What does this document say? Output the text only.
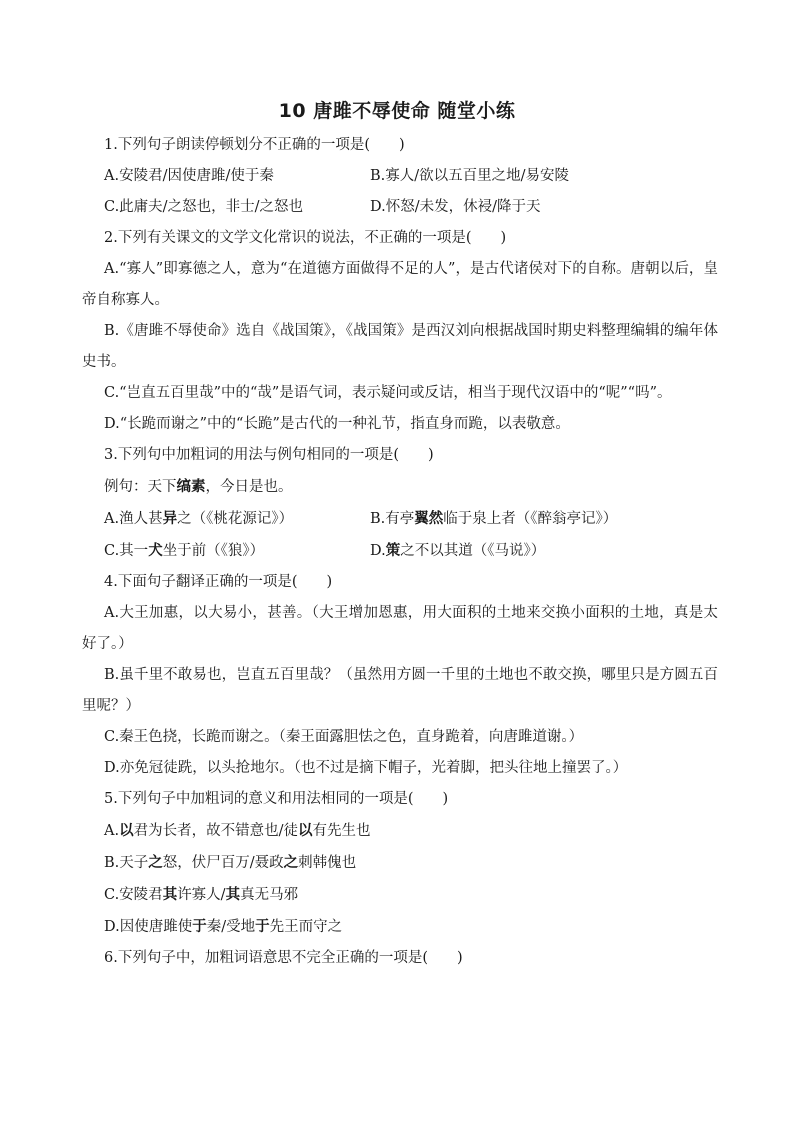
10 唐雎不辱使命 随堂小练
1.下列句子朗读停顿划分不正确的一项是(　　)
A.安陵君/因使唐雎/使于秦	B.寡人/欲以五百里之地/易安陵
C.此庸夫/之怒也，非士/之怒也	D.怀怒/未发，休祲/降于天
2.下列有关课文的文学文化常识的说法，不正确的一项是(　　)
A.“寡人”即寡德之人，意为“在道德方面做得不足的人”，是古代诸侯对下的自称。唐朝以后，皇帝自称寡人。
B.《唐雎不辱使命》选自《战国策》，《战国策》是西汉刘向根据战国时期史料整理编辑的编年体史书。
C.“岂直五百里哉”中的“哉”是语气词，表示疑问或反诘，相当于现代汉语中的“呢”“吗”。
D.“长跪而谢之”中的“长跪”是古代的一种礼节，指直身而跪，以表敬意。
3.下列句中加粗词的用法与例句相同的一项是(　　)
例句：天下缟素，今日是也。
A.渔人甚异之（《桃花源记》）	B.有亭翼然临于泉上者（《醉翁亭记》）
C.其一犬坐于前（《狼》）	D.策之不以其道（《马说》）
4.下面句子翻译正确的一项是(　　)
A.大王加惠，以大易小，甚善。（大王增加恩惠，用大面积的土地来交换小面积的土地，真是太好了。）
B.虽千里不敢易也，岂直五百里哉？（虽然用方圆一千里的土地也不敢交换，哪里只是方圆五百里呢？）
C.秦王色挠，长跪而谢之。（秦王面露胆怯之色，直身跪着，向唐雎道谢。）
D.亦免冠徒跣，以头抢地尔。（也不过是摘下帽子，光着脚，把头往地上撞罢了。）
5.下列句子中加粗词的意义和用法相同的一项是(　　)
A.以君为长者，故不错意也/徒以有先生也
B.天子之怒，伏尸百万/聂政之刺韩傀也
C.安陵君其许寡人/其真无马邪
D.因使唐雎使于秦/受地于先王而守之
6.下列句子中，加粗词语意思不完全正确的一项是(　　)
